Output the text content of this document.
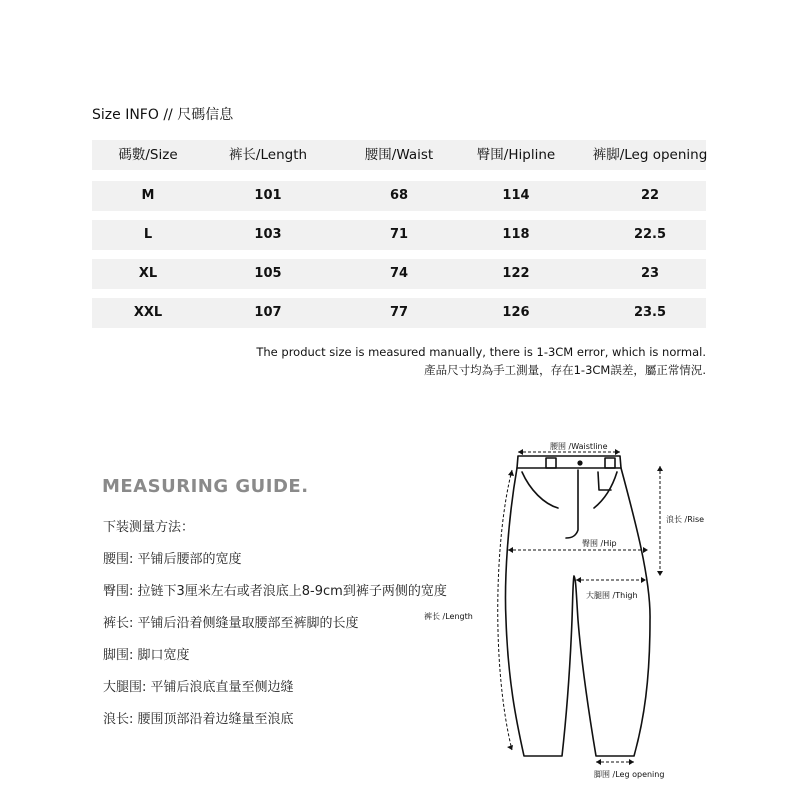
Size INFO // 尺碼信息
碼數/Size	裤长/Length	腰围/Waist	臀围/Hipline	裤脚/Leg opening
M	101	68	114	22
L	103	71	118	22.5
XL	105	74	122	23
XXL	107	77	126	23.5
The product size is measured manually, there is 1-3CM error, which is normal.
產品尺寸均為手工測量，存在1-3CM誤差，屬正常情況.
MEASURING GUIDE.
下装测量方法：
腰围: 平铺后腰部的宽度
臀围: 拉链下3厘米左右或者浪底上8-9cm到裤子两侧的宽度
裤长: 平铺后沿着侧缝量取腰部至裤脚的长度
脚围: 脚口宽度
大腿围: 平铺后浪底直量至侧边缝
浪长: 腰围顶部沿着边缝量至浪底
腰围 /Waistline
浪长 /Rise
臀围 /Hip
大腿围 /Thigh
裤长 /Length
脚围 /Leg opening
